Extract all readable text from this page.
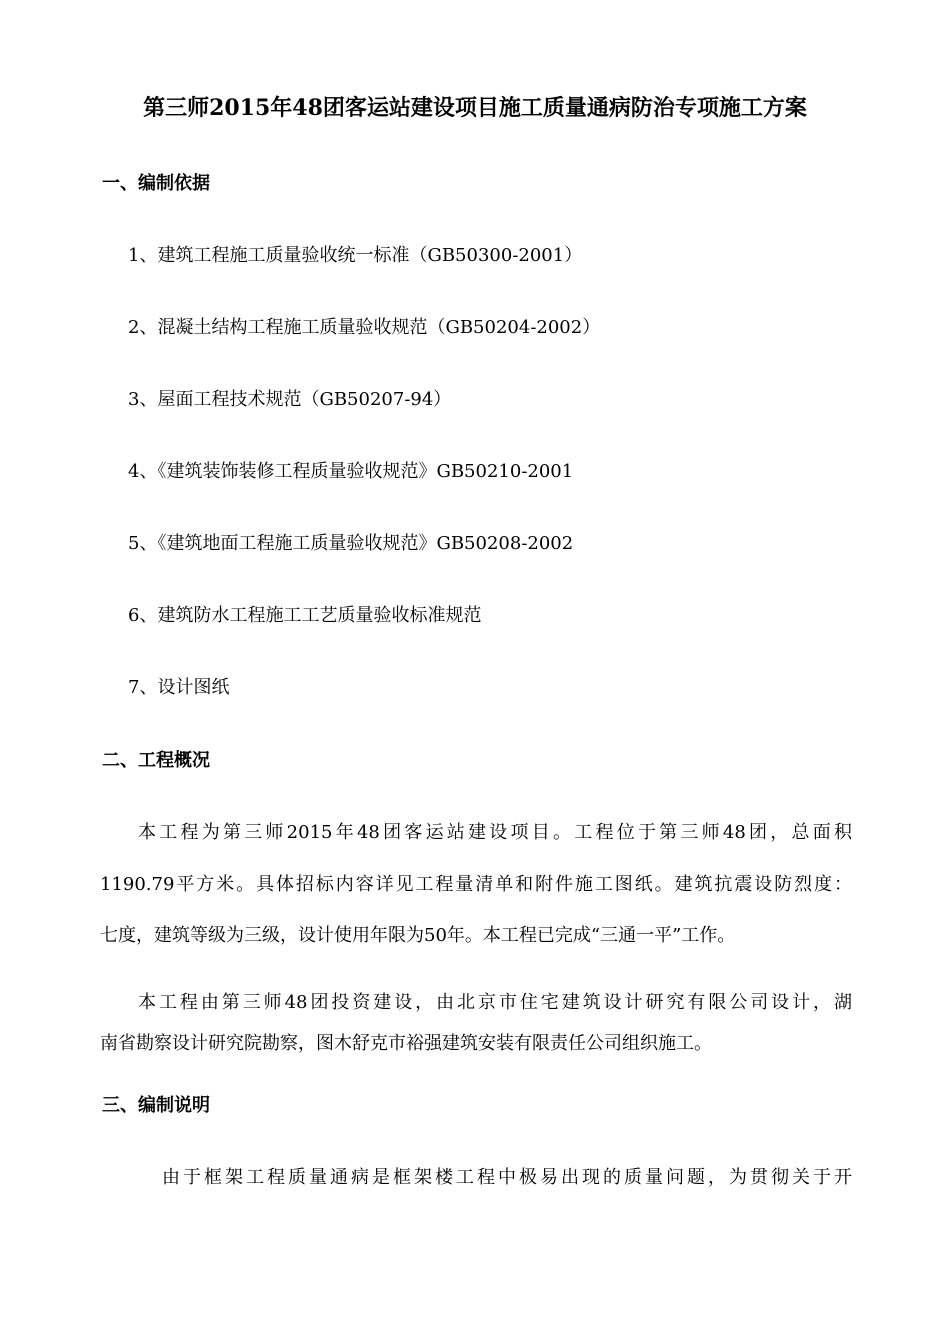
第三师2015年48团客运站建设项目施工质量通病防治专项施工方案
一、编制依据
1、建筑工程施工质量验收统一标准（GB50300-2001）
2、混凝土结构工程施工质量验收规范（GB50204-2002）
3、屋面工程技术规范（GB50207-94）
4、《建筑装饰装修工程质量验收规范》GB50210-2001
5、《建筑地面工程施工质量验收规范》GB50208-2002
6、建筑防水工程施工工艺质量验收标准规范
7、设计图纸
二、工程概况
本工程为第三师2015年48团客运站建设项目。工程位于第三师48团，总面积
1190.79平方米。具体招标内容详见工程量清单和附件施工图纸。建筑抗震设防烈度：
七度，建筑等级为三级，设计使用年限为50年。本工程已完成“三通一平”工作。
本工程由第三师48团投资建设，由北京市住宅建筑设计研究有限公司设计，湖
南省勘察设计研究院勘察，图木舒克市裕强建筑安装有限责任公司组织施工。
三、编制说明
由于框架工程质量通病是框架楼工程中极易出现的质量问题，为贯彻关于开
